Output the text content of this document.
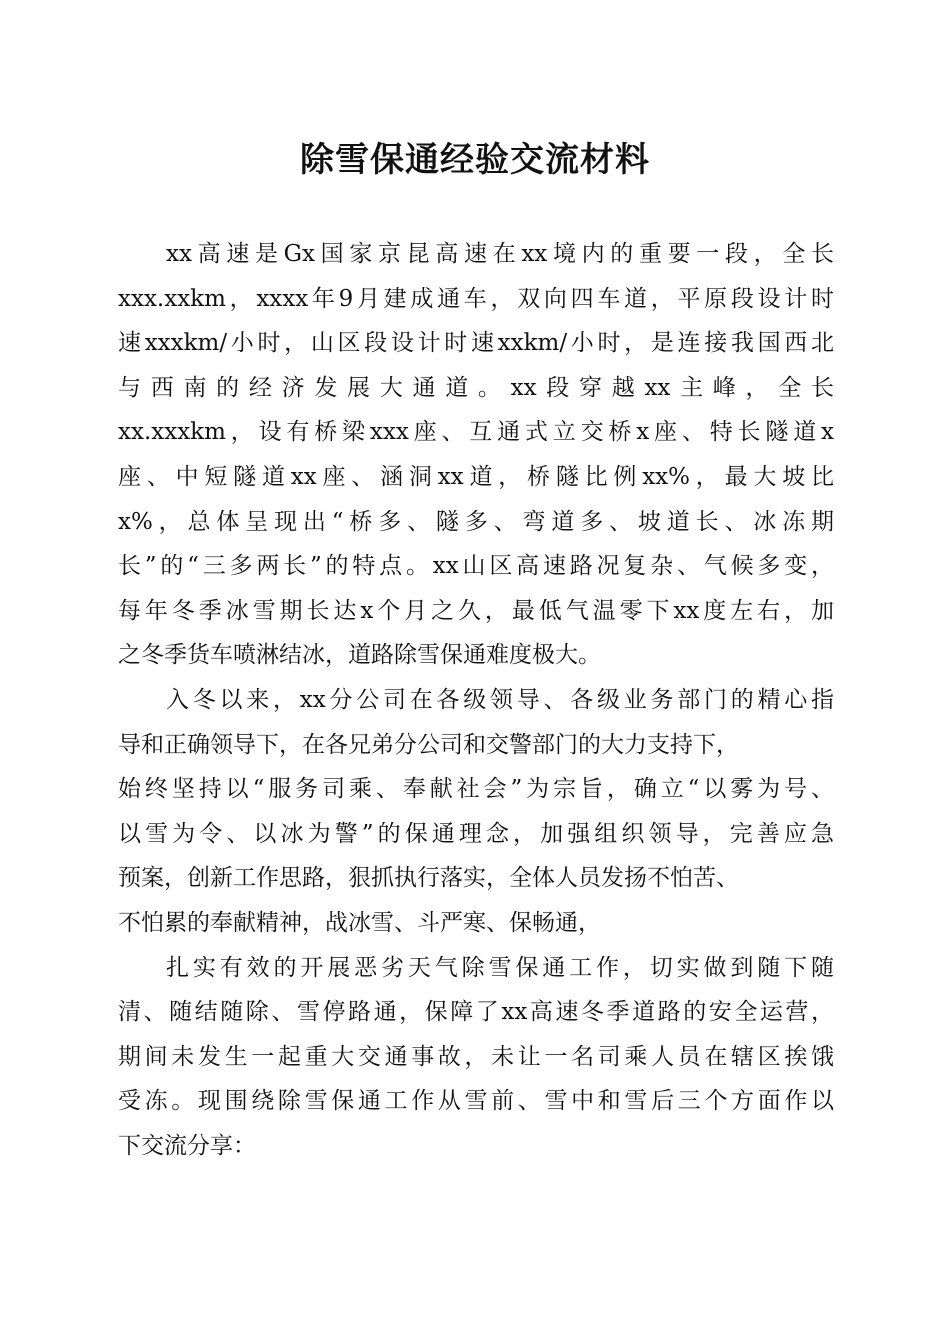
除雪保通经验交流材料
xx高速是Gx国家京昆高速在xx境内的重要一段，全长
xxx.xxkm，xxxx年9月建成通车，双向四车道，平原段设计时
速xxxkm/小时，山区段设计时速xxkm/小时，是连接我国西北
与西南的经济发展大通道。xx段穿越xx主峰，全长
xx.xxxkm，设有桥梁xxx座、互通式立交桥x座、特长隧道x
座、中短隧道xx座、涵洞xx道，桥隧比例xx%，最大坡比
x%，总体呈现出“桥多、隧多、弯道多、坡道长、冰冻期
长”的“三多两长”的特点。xx山区高速路况复杂、气候多变，
每年冬季冰雪期长达x个月之久，最低气温零下xx度左右，加
之冬季货车喷淋结冰，道路除雪保通难度极大。
入冬以来，xx分公司在各级领导、各级业务部门的精心指
导和正确领导下，在各兄弟分公司和交警部门的大力支持下，
始终坚持以“服务司乘、奉献社会”为宗旨，确立“以雾为号、
以雪为令、以冰为警”的保通理念，加强组织领导，完善应急
预案，创新工作思路，狠抓执行落实，全体人员发扬不怕苦、
不怕累的奉献精神，战冰雪、斗严寒、保畅通，
扎实有效的开展恶劣天气除雪保通工作，切实做到随下随
清、随结随除、雪停路通，保障了xx高速冬季道路的安全运营，
期间未发生一起重大交通事故，未让一名司乘人员在辖区挨饿
受冻。现围绕除雪保通工作从雪前、雪中和雪后三个方面作以
下交流分享：
